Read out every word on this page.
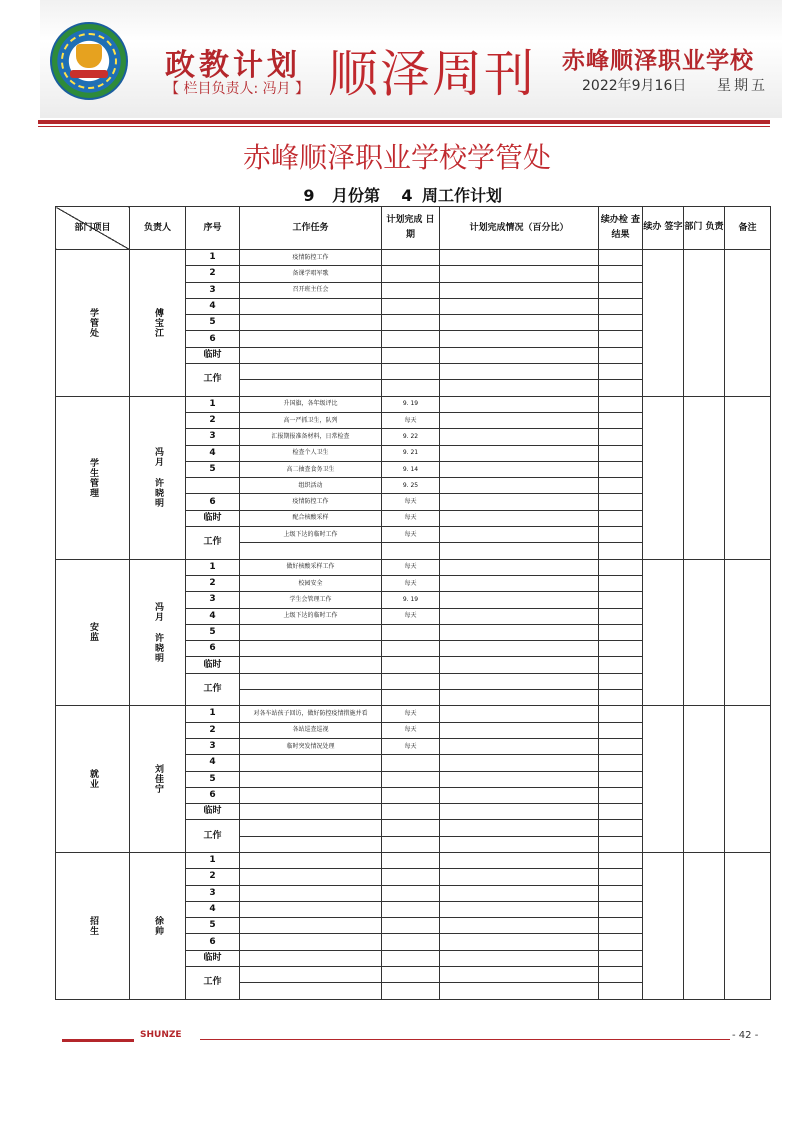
政教计划
【 栏目负责人: 冯月 】 顺泽周刊 赤峰顺泽职业学校
2022年9月16日 星期五
赤峰顺泽职业学校学管处
9 月份第 4 周工作计划
部门项目	负责人	序号	工作任务	计划完成 日期	计划完成情况（百分比）	续办检 查结果	续办 签字	部门 负责	备注
学管处	傅宝江	1	疫情防控工作						
		2	备课学唱军歌						
		3	召开班主任会						
		4							
		5							
		6							
		临时							
		工作							

学生管理	冯月 许晓明	1	升国旗，各年级评比	9. 19					
		2	高一严抓卫生，队列	每天					
		3	汇报期报准备材料，日常检查	9. 22					
		4	检查个人卫生	9. 21					
		5	高二抽查食务卫生	9. 14					
			组织活动	9. 25					
		6	疫情防控工作	每天					
		临时	配合核酸采样	每天					
		工作	上级下达的临时工作	每天					

安监	冯月 许晓明	1	做好核酸采样工作	每天					
		2	校园安全	每天					
		3	学生会管理工作	9. 19					
		4	上级下达的临时工作	每天					
		5							
		6							
		临时							
		工作							

就业	刘佳宁	1	对各车站孩子回访，做好防控疫情措施并看	每天					
		2	各站巡查巡视	每天					
		3	临时突发情况处理	每天					
		4							
		5							
		6							
		临时							
		工作							

招生	徐帅	1							
		2							
		3							
		4							
		5							
		6							
		临时							
		工作							

SHUNZE	- 42 -
